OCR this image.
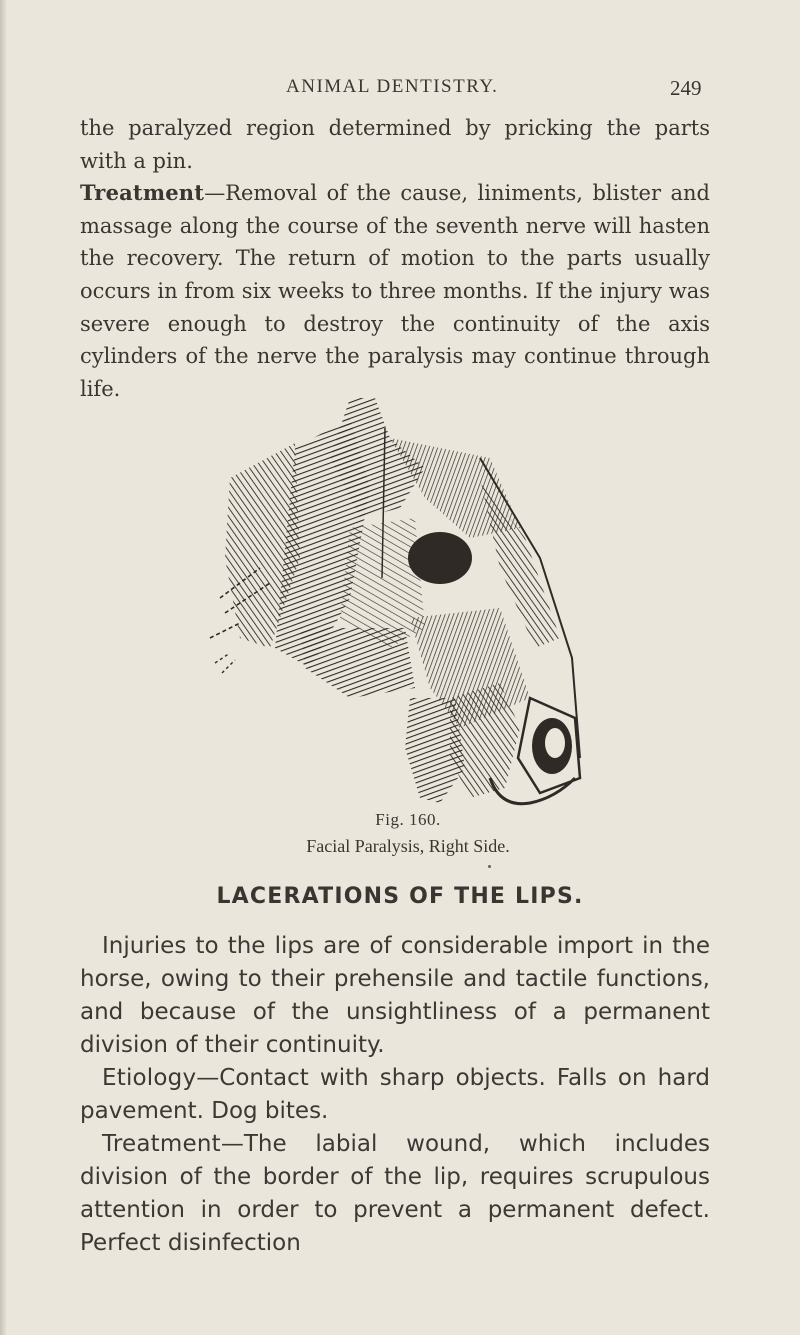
ANIMAL DENTISTRY.	249

the paralyzed region determined by pricking the parts with a pin.

Treatment—Removal of the cause, liniments, blister and massage along the course of the seventh nerve will hasten the recovery. The return of motion to the parts usually occurs in from six weeks to three months. If the injury was severe enough to destroy the continuity of the axis cylinders of the nerve the paralysis may continue through life.

Fig. 160.
Facial Paralysis, Right Side.
LACERATIONS OF THE LIPS.

Injuries to the lips are of considerable import in the horse, owing to their prehensile and tactile functions, and because of the unsightliness of a permanent division of their continuity.

Etiology—Contact with sharp objects. Falls on hard pavement. Dog bites.

Treatment—The labial wound, which includes division of the border of the lip, requires scrupulous attention in order to prevent a permanent defect. Perfect disinfection
